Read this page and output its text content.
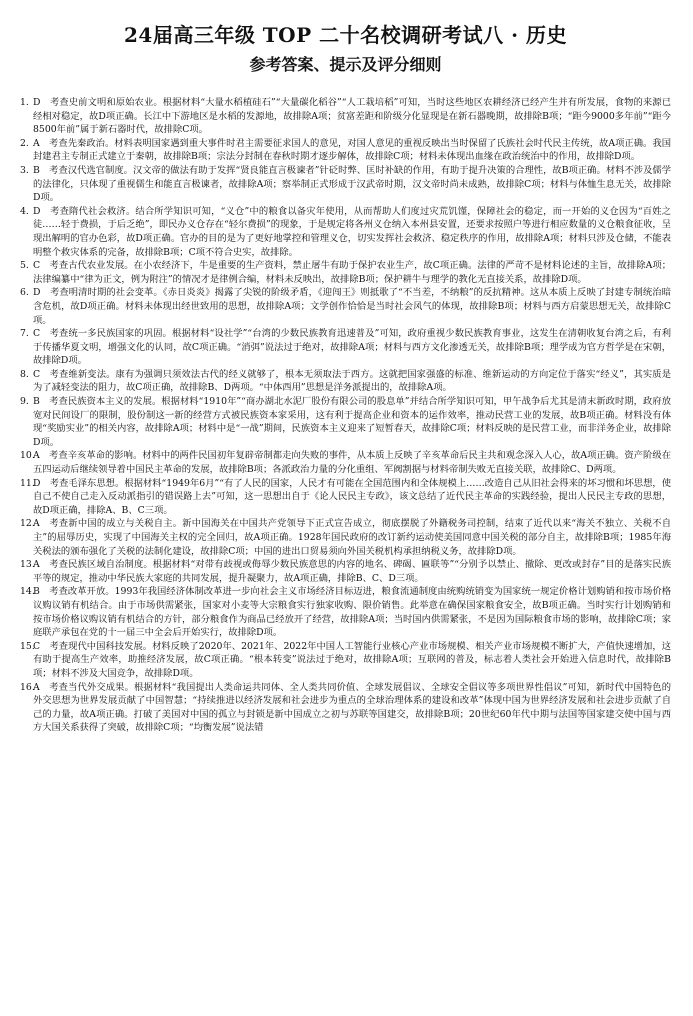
24届高三年级 TOP 二十名校调研考试八 · 历史
参考答案、提示及评分细则
1. D　考查史前文明和原始农业。根据材料“大量水稻植硅石”“大量碳化稻谷”“人工栽培稻”可知，当时这些地区农耕经济已经产生并有所发展，食物的来源已经相对稳定，故D项正确。长江中下游地区是水稻的发源地，故排除A项；贫富差距和阶级分化显现是在新石器晚期，故排除B项；“距今9000多年前”“距今8500年前”属于新石器时代，故排除C项。
2. A　考查先秦政治。材料表明国家遇到重大事件时君主需要征求国人的意见，对国人意见的重视反映出当时保留了氏族社会时代民主传统，故A项正确。我国封建君主专制正式建立于秦朝，故排除B项；宗法分封制在春秋时期才逐步解体，故排除C项；材料未体现出血缘在政治统治中的作用，故排除D项。
3. B　考查汉代选官制度。汉文帝的做法有助于发挥“贤良能直言极谏者”针砭时弊、匡时补缺的作用，有助于提升决策的合理性，故B项正确。材料不涉及儒学的法律化，只体现了重视儒生和能直言极谏者，故排除A项；察举制正式形成于汉武帝时期，汉文帝时尚未成熟，故排除C项；材料与体恤生息无关，故排除D项。
4. D　考查隋代社会救济。结合所学知识可知，“义仓”中的粮食以备灾年使用，从而帮助人们度过灾荒饥馑，保障社会的稳定，而一开始的义仓因为“百姓之徒……轻于费损，于后乏绝”，即民办义仓存在“轻尔费损”的现象，于是规定将各州义仓纳入本州县安置，还要求按照户等进行相应数量的义仓粮食征收，呈现出解明的官办色彩，故D项正确。官办的目的是为了更好地掌控和管理义仓，切实发挥社会救济、稳定秩序的作用，故排除A项；材料只涉及仓储，不能表明整个救灾体系的完备，故排除B项；C项不符合史实，故排除。
5. C　考查古代农业发展。在小农经济下，牛是重要的生产资料，禁止屠牛有助于保护农业生产，故C项正确。法律的严苛不是材料论述的主旨，故排除A项；法律编纂中“律为正文，例为附注”的情况才是律例合编，材料未反映出，故排除B项；保护耕牛与理学的教化无直接关系，故排除D项。
6. D　考查明清时期的社会变革。《赤日炎炎》揭露了尖锐的阶级矛盾，《迎闯王》则抵歌了“不当差，不纳粮”的反抗精神。这从本质上反映了封建专制统治暗含危机，故D项正确。材料未体现出经世致用的思想，故排除A项；文学创作恰恰是当时社会风气的体现，故排除B项；材料与西方启蒙思想无关，故排除C项。
7. C　考查统一多民族国家的巩固。根据材料“设社学”“台湾的少数民族教育迅速普及”可知，政府重视少数民族教育事业，这发生在清朝收复台湾之后，有利于传播华夏文明，增强文化的认同，故C项正确。“消弭”说法过于绝对，故排除A项；材料与西方文化渗透无关，故排除B项；理学成为官方哲学是在宋朝，故排除D项。
8. C　考查维新变法。康有为强调只须效法古代的经义就够了，根本无须取法于西方。这就把国家强盛的标准、维新运动的方向定位于落实“经义”，其实质是为了减轻变法的阻力，故C项正确，故排除B、D两项。“中体西用”思想是洋务派提出的，故排除A项。
9. B　考查民族资本主义的发展。根据材料“1910年”“商办湖北水泥厂股份有限公司的股息单”并结合所学知识可知，甲午战争后尤其是清末新政时期，政府放宽对民间设厂的限制，股份制这一新的经营方式被民族资本家采用，这有利于提高企业和资本的运作效率，推动民营工业的发展，故B项正确。材料没有体现“奖励实业”的相关内容，故排除A项；材料中是“一战”期间，民族资本主义迎来了短暂春天，故排除C项；材料反映的是民营工业，而非洋务企业，故排除D项。
10.
A　考查辛亥革命的影响。材料中的两件民国初年复辟帝制都走向失败的事件，从本质上反映了辛亥革命后民主共和观念深入人心，故A项正确。资产阶级在五四运动后继续领导着中国民主革命的发展，故排除B项；各派政治力量的分化重组、军阀割据与材料帝制失败无直接关联，故排除C、D两项。
11.
D　考查毛泽东思想。根据材料“1949年6月”“有了人民的国家，人民才有可能在全国范围内和全体规模上……改造自己从旧社会得来的坏习惯和坏思想，使自己不使自己走入反动派指引的错误路上去”可知，这一思想出自于《论人民民主专政》，该文总结了近代民主革命的实践经验，提出人民民主专政的思想，故D项正确，排除A、B、C三项。
12.
A　考查新中国的成立与关税自主。新中国海关在中国共产党领导下正式宣告成立，彻底摆脱了外籍税务司控制，结束了近代以来“海关不独立、关税不自主”的屈辱历史，实现了中国海关主权的完全回归，故A项正确。1928年国民政府的改订新约运动使美国同意中国关税的部分自主，故排除B项；1985年海关税法的颁布强化了关税的法制化建设，故排除C项；中国的进出口贸易须向外国关税机构承担纳税义务，故排除D项。
13.
A　考查民族区域自治制度。根据材料“对带有歧视或侮辱少数民族意思的内容的地名、碑碣、匾联等”“分别予以禁止、撤除、更改或封存”目的是落实民族平等的规定，推动中华民族大家庭的共同发展，提升凝聚力，故A项正确，排除B、C、D三项。
14.
B　考查改革开放。1993年我国经济体制改革进一步向社会主义市场经济目标迈进，粮食流通制度由统购统销变为国家统一规定价格计划购销和按市场价格议购议销有机结合。由于市场供需紧张，国家对小麦等大宗粮食实行独家收购、限价销售。此举意在确保国家粮食安全，故B项正确。当时实行计划购销和按市场价格议购议销有机结合的方针，部分粮食作为商品已经放开了经营，故排除A项；当时国内供需紧张，不是因为国际粮食市场的影响，故排除C项；家庭联产承包在党的十一届三中全会后开始实行，故排除D项。
15.
C　考查现代中国科技发展。材料反映了2020年、2021年、2022年中国人工智能行业核心产业市场规模、相关产业市场规模不断扩大，产值快速增加，这有助于提高生产效率，助推经济发展，故C项正确。“根本转变”说法过于绝对，故排除A项；互联网的普及，标志着人类社会开始进入信息时代，故排除B项；材料不涉及大国竞争，故排除D项。
16.
A　考查当代外交成果。根据材料“我国提出人类命运共同体、全人类共同价值、全球发展倡议、全球安全倡议等多项世界性倡议”可知，新时代中国特色的外交思想为世界发展贡献了中国智慧；“持续推进以经济发展和社会进步为重点的全球治理体系的建设和改革”体现中国为世界经济发展和社会进步贡献了自己的力量，故A项正确。打破了美国对中国的孤立与封锁是新中国成立之初与苏联等国建交，故排除B项；20世纪60年代中期与法国等国家建交使中国与西方大国关系获得了突破，故排除C项；“均衡发展”说法错
